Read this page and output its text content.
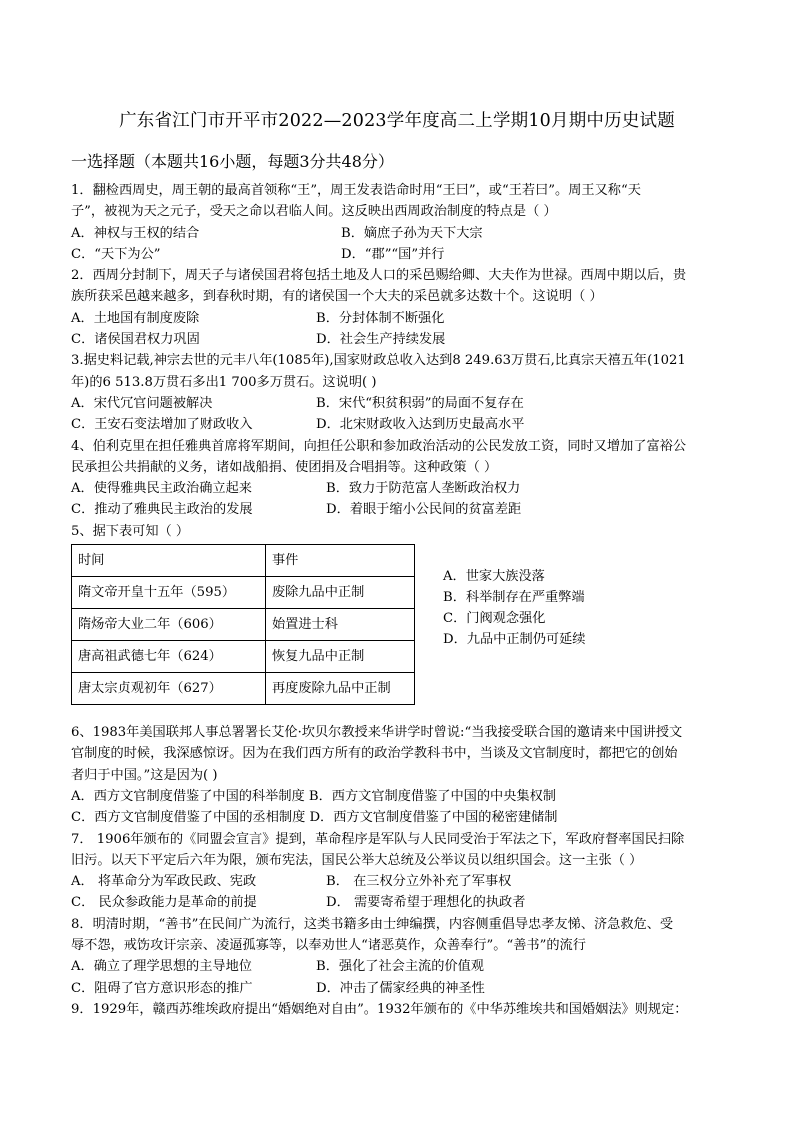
广东省江门市开平市2022—2023学年度高二上学期10月期中历史试题
一选择题（本题共16小题，每题3分共48分）

1．翻检西周史，周王朝的最高首领称“王”，周王发表诰命时用“王曰”，或“王若曰”。周王又称“天

子”，被视为天之元子，受天之命以君临人间。这反映出西周政治制度的特点是（ ）

A．神权与王权的结合	B．嫡庶子孙为天下大宗
C．“天下为公”	D．“郡”“国”并行

2．西周分封制下，周天子与诸侯国君将包括土地及人口的采邑赐给卿、大夫作为世禄。西周中期以后，贵

族所获采邑越来越多，到春秋时期，有的诸侯国一个大夫的采邑就多达数十个。这说明（ ）

A．土地国有制度废除	B．分封体制不断强化
C．诸侯国君权力巩固	D．社会生产持续发展

3.据史料记载,神宗去世的元丰八年(1085年),国家财政总收入达到8 249.63万贯石,比真宗天禧五年(1021

年)的6 513.8万贯石多出1 700多万贯石。这说明( )

A．宋代冗官问题被解决	B．宋代“积贫积弱”的局面不复存在
C．王安石变法增加了财政收入	D．北宋财政收入达到历史最高水平

4、伯利克里在担任雅典首席将军期间，向担任公职和参加政治活动的公民发放工资，同时又增加了富裕公

民承担公共捐献的义务，诸如战船捐、使团捐及合唱捐等。这种政策（ ）

A．使得雅典民主政治确立起来	B．致力于防范富人垄断政治权力
C．推动了雅典民主政治的发展	D．着眼于缩小公民间的贫富差距

5、据下表可知（ ）

时间	事件
隋文帝开皇十五年（595）	废除九品中正制
隋炀帝大业二年（606）	始置进士科
唐高祖武德七年（624）	恢复九品中正制
唐太宗贞观初年（627）	再度废除九品中正制
A．世家大族没落
B．科举制存在严重弊端
C．门阀观念强化
D．九品中正制仍可延续

6、1983年美国联邦人事总署署长艾伦·坎贝尔教授来华讲学时曾说:“当我接受联合国的邀请来中国讲授文

官制度的时候，我深感惊讶。因为在我们西方所有的政治学教科书中，当谈及文官制度时，都把它的创始

者归于中国。”这是因为( )

A．西方文官制度借鉴了中国的科举制度 B．西方文官制度借鉴了中国的中央集权制

C．西方文官制度借鉴了中国的丞相制度 D．西方文官制度借鉴了中国的秘密建储制

7． 1906年颁布的《同盟会宣言》提到，革命程序是军队与人民同受治于军法之下，军政府督率国民扫除

旧污。以天下平定后六年为限，颁布宪法，国民公举大总统及公举议员以组织国会。这一主张（ ）

A． 将革命分为军政民政、宪政	B． 在三权分立外补充了军事权
C． 民众参政能力是革命的前提	D． 需要寄希望于理想化的执政者

8．明清时期，“善书”在民间广为流行，这类书籍多由士绅编撰，内容侧重倡导忠孝友悌、济急救危、受

辱不怨，戒饬攻讦宗亲、凌逼孤寡等，以奉劝世人“诸恶莫作，众善奉行”。“善书”的流行

A．确立了理学思想的主导地位	B．强化了社会主流的价值观
C．阻碍了官方意识形态的推广	D．冲击了儒家经典的神圣性

9．1929年，赣西苏维埃政府提出“婚姻绝对自由”。1932年颁布的《中华苏维埃共和国婚姻法》则规定：
